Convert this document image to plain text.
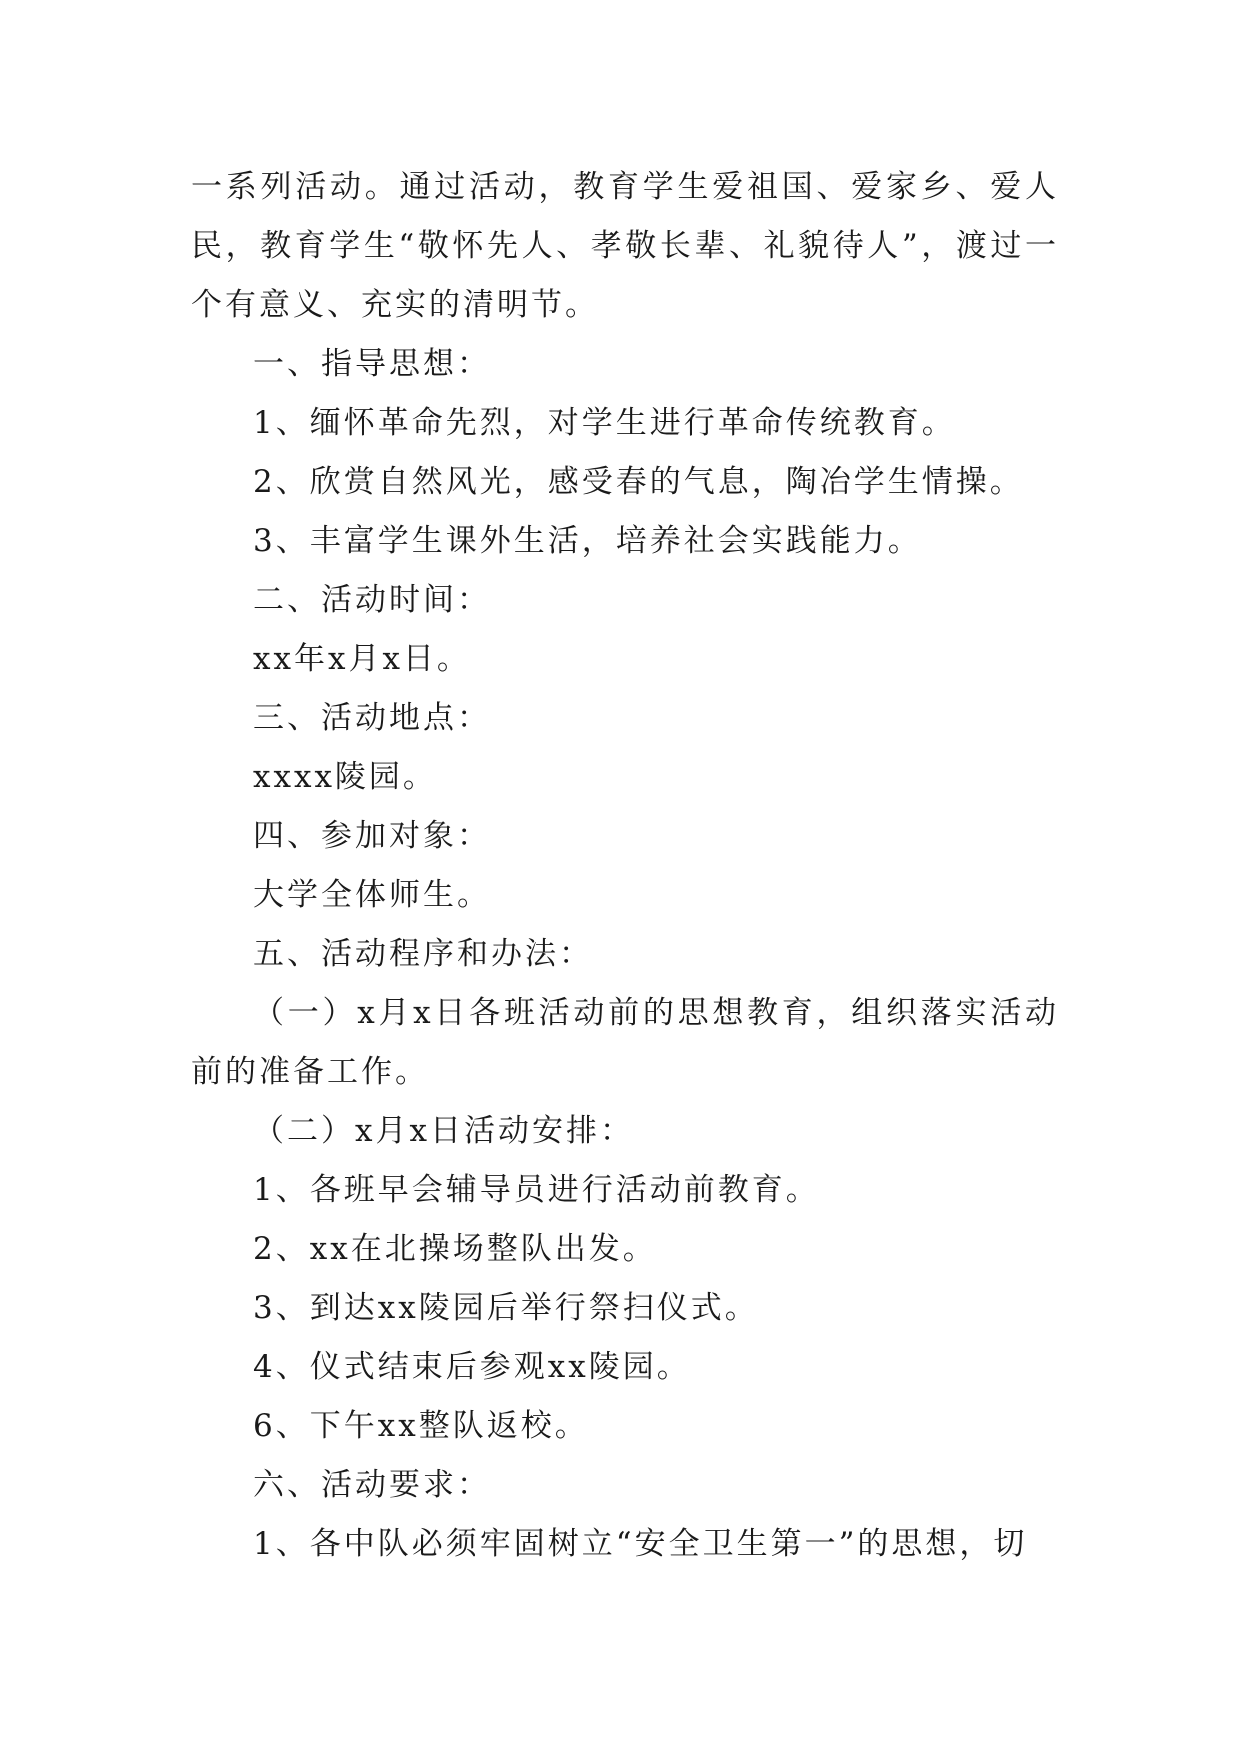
一系列活动。通过活动，教育学生爱祖国、爱家乡、爱人民，教育学生“敬怀先人、孝敬长辈、礼貌待人”，渡过一个有意义、充实的清明节。

一、指导思想：

1、缅怀革命先烈，对学生进行革命传统教育。

2、欣赏自然风光，感受春的气息，陶冶学生情操。

3、丰富学生课外生活，培养社会实践能力。

二、活动时间：

xx年x月x日。

三、活动地点：

xxxx陵园。

四、参加对象：

大学全体师生。

五、活动程序和办法：

（一）x月x日各班活动前的思想教育，组织落实活动前的准备工作。

（二）x月x日活动安排：

1、各班早会辅导员进行活动前教育。

2、xx在北操场整队出发。

3、到达xx陵园后举行祭扫仪式。

4、仪式结束后参观xx陵园。

6、下午xx整队返校。

六、活动要求：

1、各中队必须牢固树立“安全卫生第一”的思想，切
